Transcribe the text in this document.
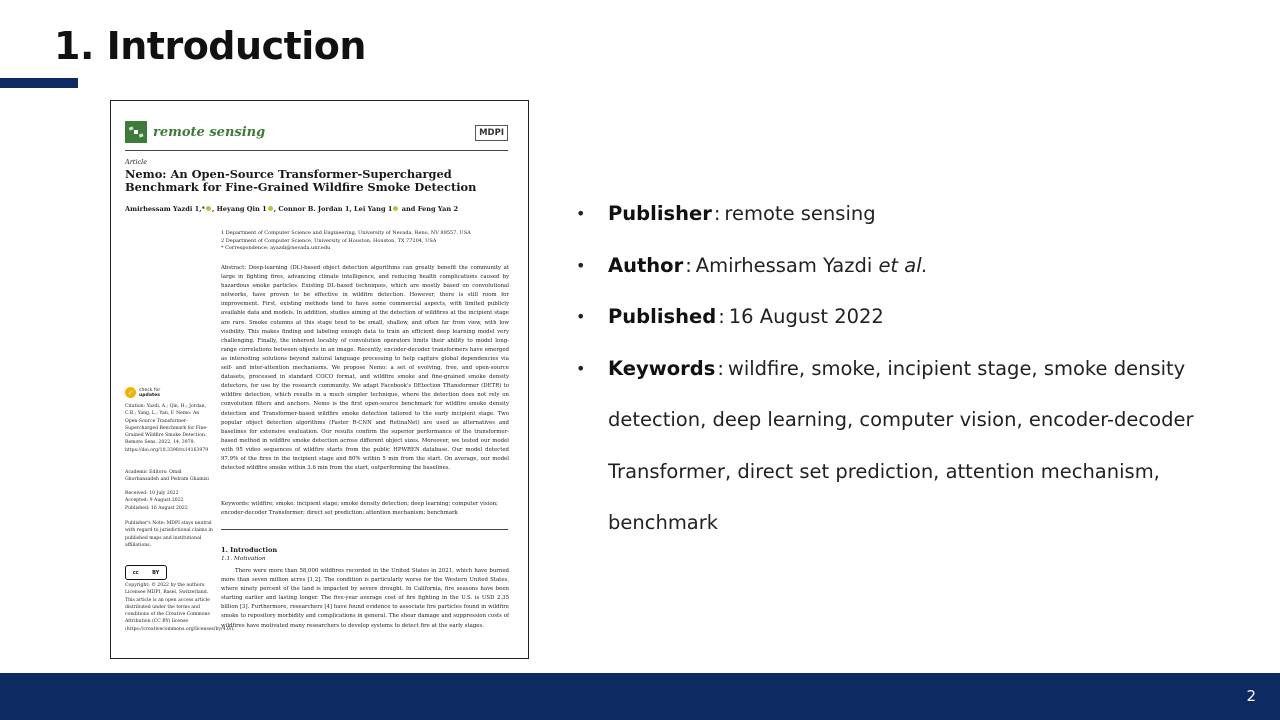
1. Introduction
remote sensing	MDPI
Article
Nemo: An Open-Source Transformer-Supercharged Benchmark for Fine-Grained Wildfire Smoke Detection
Amirhessam Yazdi 1,* , Heyang Qin 1 , Connor B. Jordan 1, Lei Yang 1 and Feng Yan 2
1 Department of Computer Science and Engineering, University of Nevada, Reno, NV 89557, USA
2 Department of Computer Science, University of Houston, Houston, TX 77204, USA
* Correspondence: ayazdi@nevada.unr.edu
Abstract: Deep-learning (DL)-based object detection algorithms can greatly benefit the community at large in fighting fires, advancing climate intelligence, and reducing health complications caused by hazardous smoke particles. Existing DL-based techniques, which are mostly based on convolutional networks, have proven to be effective in wildfire detection. However, there is still room for improvement. First, existing methods tend to have some commercial aspects, with limited publicly available data and models. In addition, studies aiming at the detection of wildfires at the incipient stage are rare. Smoke columns at this stage tend to be small, shallow, and often far from view, with low visibility. This makes finding and labeling enough data to train an efficient deep learning model very challenging. Finally, the inherent locality of convolution operators limits their ability to model long-range correlations between objects in an image. Recently, encoder-decoder transformers have emerged as interesting solutions beyond natural language processing to help capture global dependencies via self- and inter-attention mechanisms. We propose Nemo: a set of evolving, free, and open-source datasets, processed in standard COCO format, and wildfire smoke and fine-grained smoke density detectors, for use by the research community. We adapt Facebook's DEtection TRansformer (DETR) to wildfire detection, which results in a much simpler technique, where the detection does not rely on convolution filters and anchors. Nemo is the first open-source benchmark for wildfire smoke density detection and Transformer-based wildfire smoke detection tailored to the early incipient stage. Two popular object detection algorithms (Faster R-CNN and RetinaNet) are used as alternatives and baselines for extensive evaluation. Our results confirm the superior performance of the transformer-based method in wildfire smoke detection across different object sizes. Moreover, we tested our model with 95 video sequences of wildfire starts from the public HPWREN database. Our model detected 97.9% of the fires in the incipient stage and 80% within 5 min from the start. On average, our model detected wildfire smoke within 3.6 min from the start, outperforming the baselines.
Keywords: wildfire; smoke; incipient stage; smoke density detection; deep learning; computer vision; encoder-decoder Transformer; direct set prediction; attention mechanism; benchmark
1. Introduction
1.1. Motivation
There were more than 58,000 wildfires recorded in the United States in 2021, which have burned more than seven million acres [1,2]. The condition is particularly worse for the Western United States, where ninety percent of the land is impacted by severe drought. In California, fire seasons have been starting earlier and lasting longer. The five-year average cost of fire fighting in the U.S. is USD 2.35 billion [3]. Furthermore, researchers [4] have found evidence to associate fire particles found in wildfire smoke to repository morbidity and complications in general. The shear damage and suppression costs of wildfires have motivated many researchers to develop systems to detect fire at the early stages.
✓	check for
updates
Citation: Yazdi, A.; Qin, H.; Jordan, C.B.; Yang, L.; Yan, F. Nemo: An Open-Source Transformer-Supercharged Benchmark for Fine-Grained Wildfire Smoke Detection. Remote Sens. 2022, 14, 3979. https://doi.org/10.3390/rs14163979
Academic Editors: Omid Ghorbanzadeh and Pedram Ghamisi
Received: 10 July 2022
Accepted: 9 August 2022
Published: 16 August 2022
Publisher's Note: MDPI stays neutral with regard to jurisdictional claims in published maps and institutional affiliations.
cc	BY
Copyright: © 2022 by the authors. Licensee MDPI, Basel, Switzerland. This article is an open access article distributed under the terms and conditions of the Creative Commons Attribution (CC BY) license (https://creativecommons.org/licenses/by/4.0/).
• Publisher : remote sensing
• Author : Amirhessam Yazdi et al.
• Published : 16 August 2022
• Keywords : wildfire, smoke, incipient stage, smoke density detection, deep learning, computer vision, encoder-decoder Transformer, direct set prediction, attention mechanism, benchmark
2
